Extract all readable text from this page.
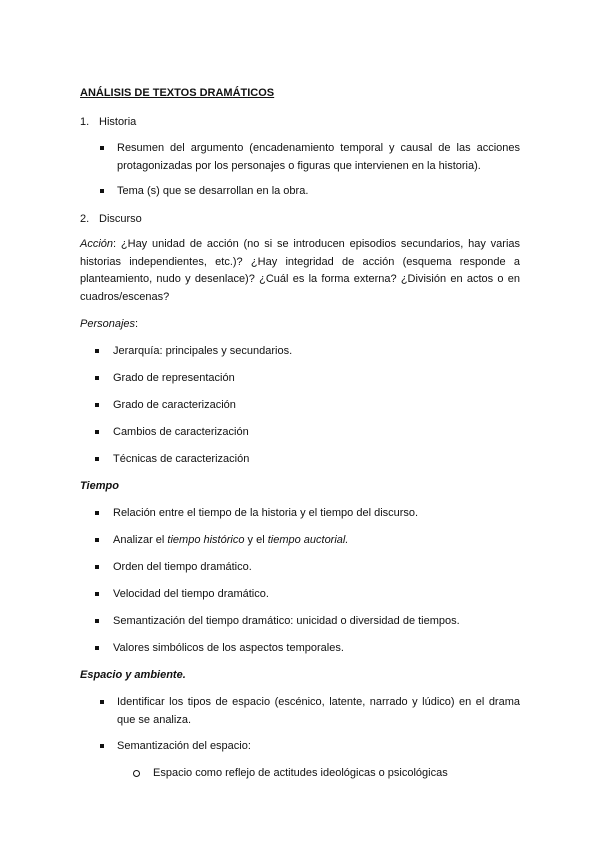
ANÁLISIS DE TEXTOS DRAMÁTICOS
1. Historia
Resumen del argumento (encadenamiento temporal y causal de las acciones protagonizadas por los personajes o figuras que intervienen en la historia).
Tema (s) que se desarrollan en la obra.
2. Discurso
Acción: ¿Hay unidad de acción (no si se introducen episodios secundarios, hay varias historias independientes, etc.)? ¿Hay integridad de acción (esquema responde a planteamiento, nudo y desenlace)? ¿Cuál es la forma externa? ¿División en actos o en cuadros/escenas?
Personajes:
Jerarquía: principales y secundarios.
Grado de representación
Grado de caracterización
Cambios de caracterización
Técnicas de caracterización
Tiempo
Relación entre el tiempo de la historia y el tiempo del discurso.
Analizar el tiempo histórico y el tiempo auctorial.
Orden del tiempo dramático.
Velocidad del tiempo dramático.
Semantización del tiempo dramático: unicidad o diversidad de tiempos.
Valores simbólicos de los aspectos temporales.
Espacio y ambiente.
Identificar los tipos de espacio (escénico, latente, narrado y lúdico) en el drama que se analiza.
Semantización del espacio:
Espacio como reflejo de actitudes ideológicas o psicológicas
